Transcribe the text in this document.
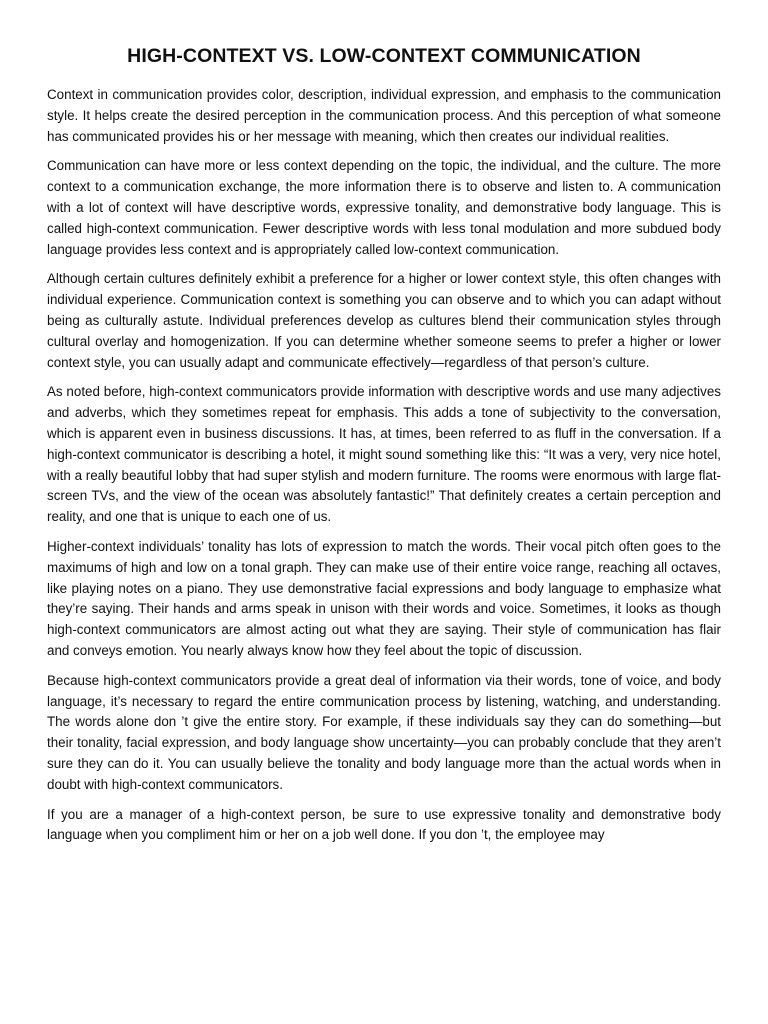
HIGH-CONTEXT VS. LOW-CONTEXT COMMUNICATION

Context in communication provides color, description, individual expression, and emphasis to the communication style. It helps create the desired perception in the communication process. And this perception of what someone has communicated provides his or her message with meaning, which then creates our individual realities.

Communication can have more or less context depending on the topic, the individual, and the culture. The more context to a communication exchange, the more information there is to observe and listen to. A communication with a lot of context will have descriptive words, expressive tonality, and demonstrative body language. This is called high-context communication. Fewer descriptive words with less tonal modulation and more subdued body language provides less context and is appropriately called low-context communication.

Although certain cultures definitely exhibit a preference for a higher or lower context style, this often changes with individual experience. Communication context is something you can observe and to which you can adapt without being as culturally astute. Individual preferences develop as cultures blend their communication styles through cultural overlay and homogenization. If you can determine whether someone seems to prefer a higher or lower context style, you can usually adapt and communicate effectively—regardless of that person’s culture.

As noted before, high-context communicators provide information with descriptive words and use many adjectives and adverbs, which they sometimes repeat for emphasis. This adds a tone of subjectivity to the conversation, which is apparent even in business discussions. It has, at times, been referred to as fluff in the conversation. If a high-context communicator is describing a hotel, it might sound something like this: “It was a very, very nice hotel, with a really beautiful lobby that had super stylish and modern furniture. The rooms were enormous with large flat-screen TVs, and the view of the ocean was absolutely fantastic!” That definitely creates a certain perception and reality, and one that is unique to each one of us.

Higher-context individuals’ tonality has lots of expression to match the words. Their vocal pitch often goes to the maximums of high and low on a tonal graph. They can make use of their entire voice range, reaching all octaves, like playing notes on a piano. They use demonstrative facial expressions and body language to emphasize what they’re saying. Their hands and arms speak in unison with their words and voice. Sometimes, it looks as though high-context communicators are almost acting out what they are saying. Their style of communication has flair and conveys emotion. You nearly always know how they feel about the topic of discussion.

Because high-context communicators provide a great deal of information via their words, tone of voice, and body language, it’s necessary to regard the entire communication process by listening, watching, and understanding. The words alone don ’t give the entire story. For example, if these individuals say they can do something—but their tonality, facial expression, and body language show uncertainty—you can probably conclude that they aren’t sure they can do it. You can usually believe the tonality and body language more than the actual words when in doubt with high-context communicators.

If you are a manager of a high-context person, be sure to use expressive tonality and demonstrative body language when you compliment him or her on a job well done. If you don ’t, the employee may
